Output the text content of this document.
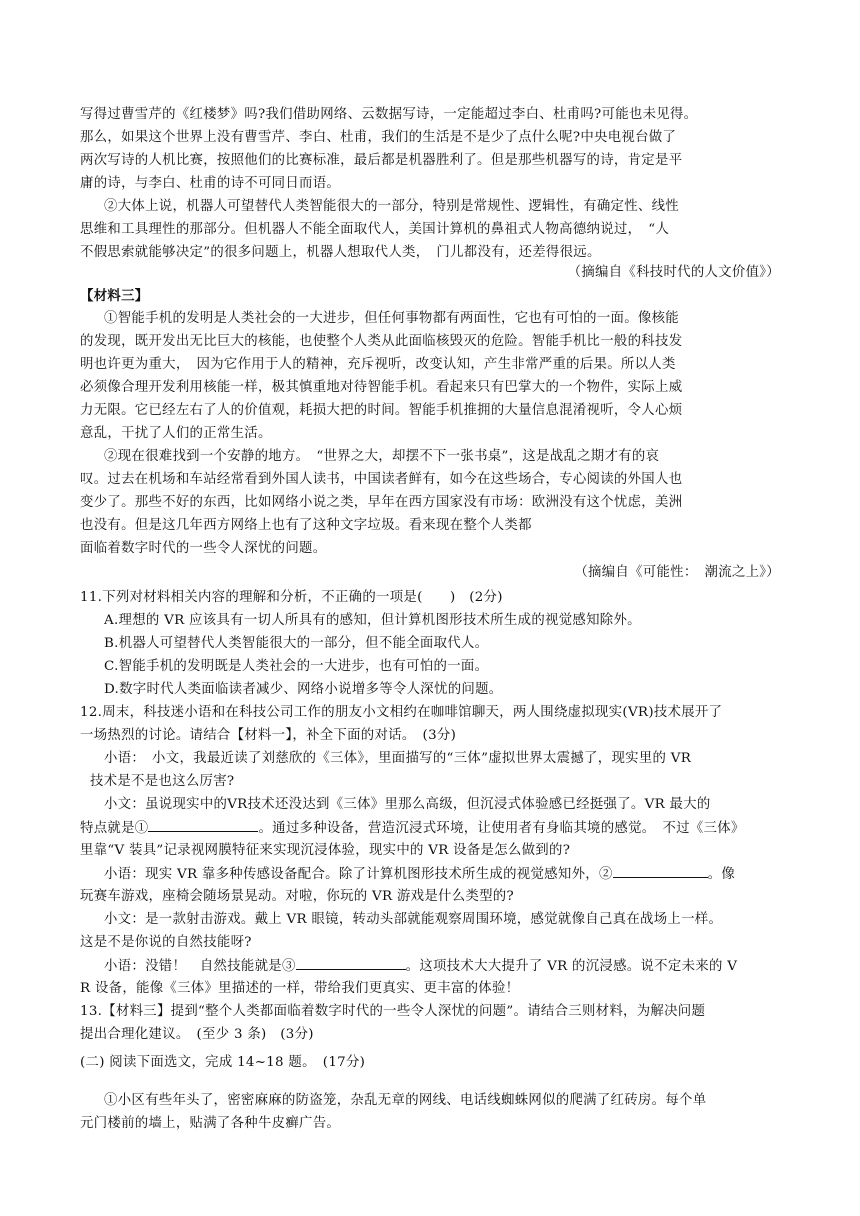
写得过曹雪芹的《红楼梦》吗?我们借助网络、云数据写诗，一定能超过李白、杜甫吗?可能也未见得。
那么，如果这个世界上没有曹雪芹、李白、杜甫，我们的生活是不是少了点什么呢?中央电视台做了
两次写诗的人机比赛，按照他们的比赛标准，最后都是机器胜利了。但是那些机器写的诗，肯定是平
庸的诗，与李白、杜甫的诗不可同日而语。
②大体上说，机器人可望替代人类智能很大的一部分，特别是常规性、逻辑性，有确定性、线性
思维和工具理性的那部分。但机器人不能全面取代人，美国计算机的鼻祖式人物高德纳说过，　“人
不假思索就能够决定”的很多问题上，机器人想取代人类，　门儿都没有，还差得很远。
（摘编自《科技时代的人文价值》）
【材料三】
①智能手机的发明是人类社会的一大进步，但任何事物都有两面性，它也有可怕的一面。像核能
的发现，既开发出无比巨大的核能，也使整个人类从此面临核毁灭的危险。智能手机比一般的科技发
明也许更为重大，　因为它作用于人的精神，充斥视听，改变认知，产生非常严重的后果。所以人类
必须像合理开发利用核能一样，极其慎重地对待智能手机。看起来只有巴掌大的一个物件，实际上威
力无限。它已经左右了人的价值观，耗损大把的时间。智能手机推拥的大量信息混淆视听，令人心烦
意乱，干扰了人们的正常生活。
②现在很难找到一个安静的地方。　“世界之大，却摆不下一张书桌”，这是战乱之期才有的哀
叹。过去在机场和车站经常看到外国人读书，中国读者鲜有，如今在这些场合，专心阅读的外国人也
变少了。那些不好的东西，比如网络小说之类，早年在西方国家没有市场：欧洲没有这个忧虑，美洲
也没有。但是这几年西方网络上也有了这种文字垃圾。看来现在整个人类都
面临着数字时代的一些令人深忧的问题。
（摘编自《可能性：　潮流之上》）
11.下列对材料相关内容的理解和分析，不正确的一项是(　　)　(2分)
A.理想的 VR 应该具有一切人所具有的感知，但计算机图形技术所生成的视觉感知除外。
B.机器人可望替代人类智能很大的一部分，但不能全面取代人。
C.智能手机的发明既是人类社会的一大进步，也有可怕的一面。
D.数字时代人类面临读者减少、网络小说增多等令人深忧的问题。
12.周末，科技迷小语和在科技公司工作的朋友小文相约在咖啡馆聊天，两人围绕虚拟现实(VR)技术展开了
一场热烈的讨论。请结合【材料一】，补全下面的对话。　(3分)
小语：　小文，我最近读了刘慈欣的《三体》，里面描写的“三体”虚拟世界太震撼了，现实里的 VR
技术是不是也这么厉害?
小文：虽说现实中的VR技术还没达到《三体》里那么高级，但沉浸式体验感已经挺强了。VR 最大的
特点就是①	。通过多种设备，营造沉浸式环境，让使用者有身临其境的感觉。　不过《三体》
里靠“V 装具”记录视网膜特征来实现沉浸体验，现实中的 VR 设备是怎么做到的?
小语：现实 VR 靠多种传感设备配合。除了计算机图形技术所生成的视觉感知外，②	。像
玩赛车游戏，座椅会随场景晃动。对啦，你玩的 VR 游戏是什么类型的?
小文：是一款射击游戏。戴上 VR 眼镜，转动头部就能观察周围环境，感觉就像自己真在战场上一样。
这是不是你说的自然技能呀?
小语：没错！　自然技能就是③	。这项技术大大提升了 VR 的沉浸感。说不定未来的 V
R 设备，能像《三体》里描述的一样，带给我们更真实、更丰富的体验！
13.【材料三】提到“整个人类都面临着数字时代的一些令人深忧的问题”。请结合三则材料，为解决问题
提出合理化建议。　(至少 3 条)　(3分)
(二) 阅读下面选文，完成 14~18 题。　(17分)
①小区有些年头了，密密麻麻的防盗笼，杂乱无章的网线、电话线蜘蛛网似的爬满了红砖房。每个单
元门楼前的墙上，贴满了各种牛皮癣广告。
